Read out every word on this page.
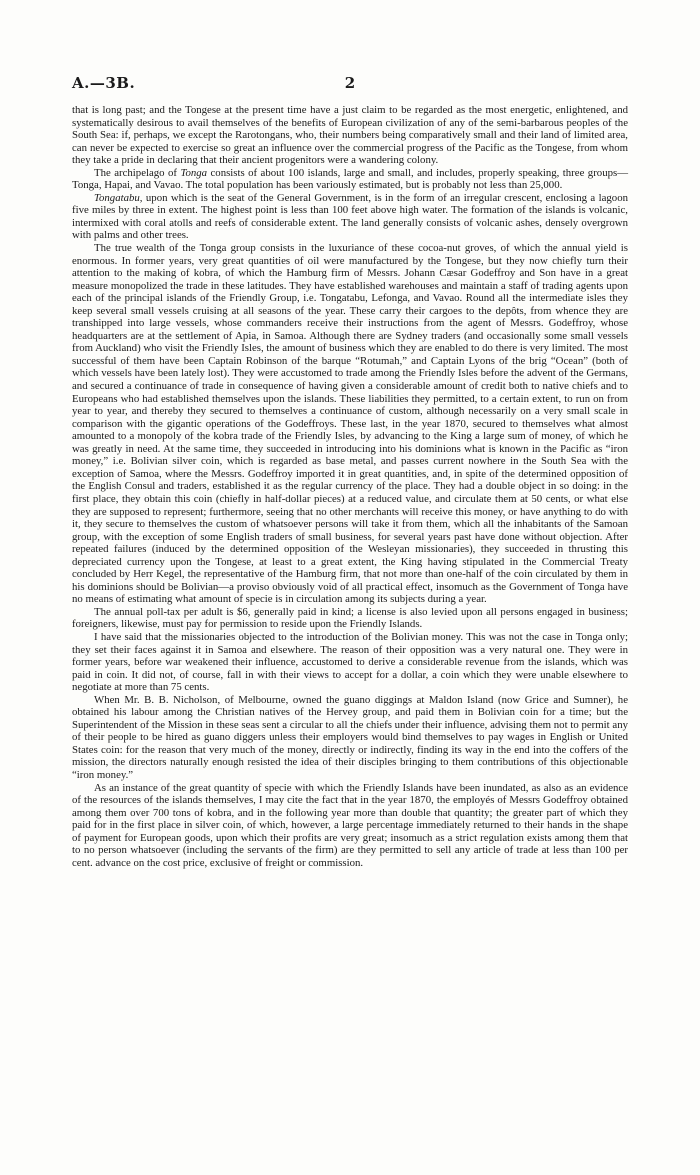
A.—3B.	2

that is long past; and the Tongese at the present time have a just claim to be regarded as the most energetic, enlightened, and systematically desirous to avail themselves of the benefits of European civilization of any of the semi-barbarous peoples of the South Sea: if, perhaps, we except the Rarotongans, who, their numbers being comparatively small and their land of limited area, can never be expected to exercise so great an influence over the commercial progress of the Pacific as the Tongese, from whom they take a pride in declaring that their ancient progenitors were a wandering colony.

The archipelago of Tonga consists of about 100 islands, large and small, and includes, properly speaking, three groups—Tonga, Hapai, and Vavao. The total population has been variously estimated, but is probably not less than 25,000.

Tongatabu, upon which is the seat of the General Government, is in the form of an irregular crescent, enclosing a lagoon five miles by three in extent. The highest point is less than 100 feet above high water. The formation of the islands is volcanic, intermixed with coral atolls and reefs of considerable extent. The land generally consists of volcanic ashes, densely overgrown with palms and other trees.

The true wealth of the Tonga group consists in the luxuriance of these cocoa-nut groves, of which the annual yield is enormous. In former years, very great quantities of oil were manufactured by the Tongese, but they now chiefly turn their attention to the making of kobra, of which the Hamburg firm of Messrs. Johann Cæsar Godeffroy and Son have in a great measure monopolized the trade in these latitudes. They have established warehouses and maintain a staff of trading agents upon each of the principal islands of the Friendly Group, i.e. Tongatabu, Lefonga, and Vavao. Round all the intermediate isles they keep several small vessels cruising at all seasons of the year. These carry their cargoes to the depôts, from whence they are transhipped into large vessels, whose commanders receive their instructions from the agent of Messrs. Godeffroy, whose headquarters are at the settlement of Apia, in Samoa. Although there are Sydney traders (and occasionally some small vessels from Auckland) who visit the Friendly Isles, the amount of business which they are enabled to do there is very limited. The most successful of them have been Captain Robinson of the barque “Rotumah,” and Captain Lyons of the brig “Ocean” (both of which vessels have been lately lost). They were accustomed to trade among the Friendly Isles before the advent of the Germans, and secured a continuance of trade in consequence of having given a considerable amount of credit both to native chiefs and to Europeans who had established themselves upon the islands. These liabilities they permitted, to a certain extent, to run on from year to year, and thereby they secured to themselves a continuance of custom, although necessarily on a very small scale in comparison with the gigantic operations of the Godeffroys. These last, in the year 1870, secured to themselves what almost amounted to a monopoly of the kobra trade of the Friendly Isles, by advancing to the King a large sum of money, of which he was greatly in need. At the same time, they succeeded in introducing into his dominions what is known in the Pacific as “iron money,” i.e. Bolivian silver coin, which is regarded as base metal, and passes current nowhere in the South Sea with the exception of Samoa, where the Messrs. Godeffroy imported it in great quantities, and, in spite of the determined opposition of the English Consul and traders, established it as the regular currency of the place. They had a double object in so doing: in the first place, they obtain this coin (chiefly in half-dollar pieces) at a reduced value, and circulate them at 50 cents, or what else they are supposed to represent; furthermore, seeing that no other merchants will receive this money, or have anything to do with it, they secure to themselves the custom of whatsoever persons will take it from them, which all the inhabitants of the Samoan group, with the exception of some English traders of small business, for several years past have done without objection. After repeated failures (induced by the determined opposition of the Wesleyan missionaries), they succeeded in thrusting this depreciated currency upon the Tongese, at least to a great extent, the King having stipulated in the Commercial Treaty concluded by Herr Kegel, the representative of the Hamburg firm, that not more than one-half of the coin circulated by them in his dominions should be Bolivian—a proviso obviously void of all practical effect, insomuch as the Government of Tonga have no means of estimating what amount of specie is in circulation among its subjects during a year.

The annual poll-tax per adult is $6, generally paid in kind; a license is also levied upon all persons engaged in business; foreigners, likewise, must pay for permission to reside upon the Friendly Islands.

I have said that the missionaries objected to the introduction of the Bolivian money. This was not the case in Tonga only; they set their faces against it in Samoa and elsewhere. The reason of their opposition was a very natural one. They were in former years, before war weakened their influence, accustomed to derive a considerable revenue from the islands, which was paid in coin. It did not, of course, fall in with their views to accept for a dollar, a coin which they were unable elsewhere to negotiate at more than 75 cents.

When Mr. B. B. Nicholson, of Melbourne, owned the guano diggings at Maldon Island (now Grice and Sumner), he obtained his labour among the Christian natives of the Hervey group, and paid them in Bolivian coin for a time; but the Superintendent of the Mission in these seas sent a circular to all the chiefs under their influence, advising them not to permit any of their people to be hired as guano diggers unless their employers would bind themselves to pay wages in English or United States coin: for the reason that very much of the money, directly or indirectly, finding its way in the end into the coffers of the mission, the directors naturally enough resisted the idea of their disciples bringing to them contributions of this objectionable “iron money.”

As an instance of the great quantity of specie with which the Friendly Islands have been inundated, as also as an evidence of the resources of the islands themselves, I may cite the fact that in the year 1870, the employés of Messrs Godeffroy obtained among them over 700 tons of kobra, and in the following year more than double that quantity; the greater part of which they paid for in the first place in silver coin, of which, however, a large percentage immediately returned to their hands in the shape of payment for European goods, upon which their profits are very great; insomuch as a strict regulation exists among them that to no person whatsoever (including the servants of the firm) are they permitted to sell any article of trade at less than 100 per cent. advance on the cost price, exclusive of freight or commission.
